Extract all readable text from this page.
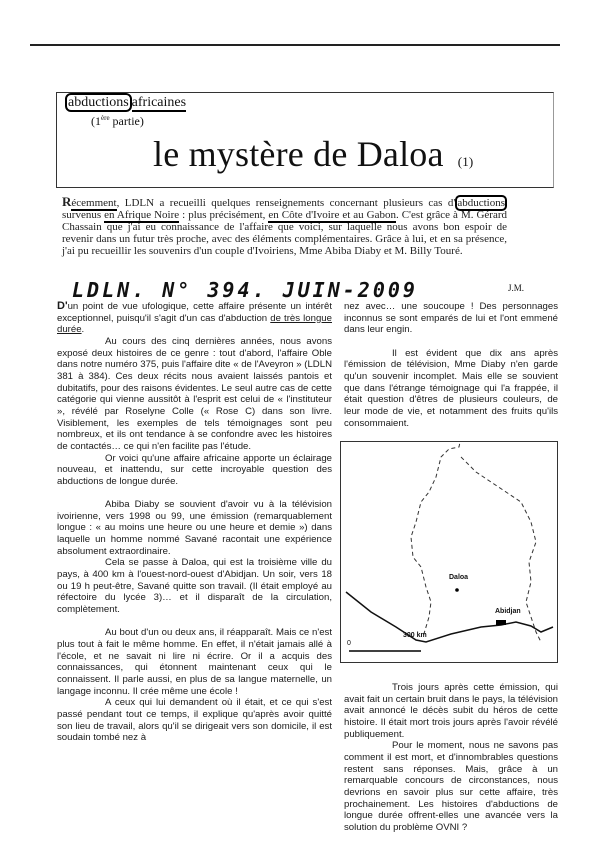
abductions africaines
(1ère partie)
le mystère de Daloa (1)
Récemment, LDLN a recueilli quelques renseignements concernant plusieurs cas d' abductions survenus en Afrique Noire : plus précisément, en Côte d'Ivoire et au Gabon. C'est grâce à M. Gérard Chassain que j'ai eu connaissance de l'affaire que voici, sur laquelle nous avons bon espoir de revenir dans un futur très proche, avec des éléments complémentaires. Grâce à lui, et en sa présence, j'ai pu recueillir les souvenirs d'un couple d'Ivoiriens, Mme Abiba Diaby et M. Billy Touré.
LDLN. N° 394. JUIN-2009	J.M.

D'un point de vue ufologique, cette affaire présente un intérêt exceptionnel, puisqu'il s'agit d'un cas d'abduction de très longue durée.

Au cours des cinq dernières années, nous avons exposé deux histoires de ce genre : tout d'abord, l'affaire Oble dans notre numéro 375, puis l'affaire dite « de l'Aveyron » (LDLN 381 à 384). Ces deux récits nous avaient laissés pantois et dubitatifs, pour des raisons évidentes. Le seul autre cas de cette catégorie qui vienne aussitôt à l'esprit est celui de « l'instituteur », révélé par Roselyne Colle (« Rose C) dans son livre. Visiblement, les exemples de tels témoignages sont peu nombreux, et ils ont tendance à se confondre avec les histoires de contactés… ce qui n'en facilite pas l'étude.

Or voici qu'une affaire africaine apporte un éclairage nouveau, et inattendu, sur cette incroyable question des abductions de longue durée.

Abiba Diaby se souvient d'avoir vu à la télévision ivoirienne, vers 1998 ou 99, une émission (remarquablement longue : « au moins une heure ou une heure et demie ») dans laquelle un homme nommé Savané racontait une expérience absolument extraordinaire.

Cela se passe à Daloa, qui est la troisième ville du pays, à 400 km à l'ouest-nord-ouest d'Abidjan. Un soir, vers 18 ou 19 h peut-être, Savané quitte son travail. (Il était employé au réfectoire du lycée 3)… et il disparaît de la circulation, complètement.

Au bout d'un ou deux ans, il réapparaît. Mais ce n'est plus tout à fait le même homme. En effet, il n'était jamais allé à l'école, et ne savait ni lire ni écrire. Or il a acquis des connaissances, qui étonnent maintenant ceux qui le connaissent. Il parle aussi, en plus de sa langue maternelle, un langage inconnu. Il crée même une école !

A ceux qui lui demandent où il était, et ce qui s'est passé pendant tout ce temps, il explique qu'après avoir quitté son lieu de travail, alors qu'il se dirigeait vers son domicile, il est soudain tombé nez à

nez avec… une soucoupe ! Des personnages inconnus se sont emparés de lui et l'ont emmené dans leur engin.

Il est évident que dix ans après l'émission de télévision, Mme Diaby n'en garde qu'un souvenir incomplet. Mais elle se souvient que dans l'étrange témoignage qui l'a frappée, il était question d'êtres de plusieurs couleurs, de leur mode de vie, et notamment des fruits qu'ils consommaient.

Daloa
Abidjan
0
300 km

Trois jours après cette émission, qui avait fait un certain bruit dans le pays, la télévision avait annoncé le décès subit du héros de cette histoire. Il était mort trois jours après l'avoir révélé publiquement.

Pour le moment, nous ne savons pas comment il est mort, et d'innombrables questions restent sans réponses. Mais, grâce à un remarquable concours de circonstances, nous devrions en savoir plus sur cette affaire, très prochainement. Les histoires d'abductions de longue durée offrent-elles une avancée vers la solution du problème OVNI ?
